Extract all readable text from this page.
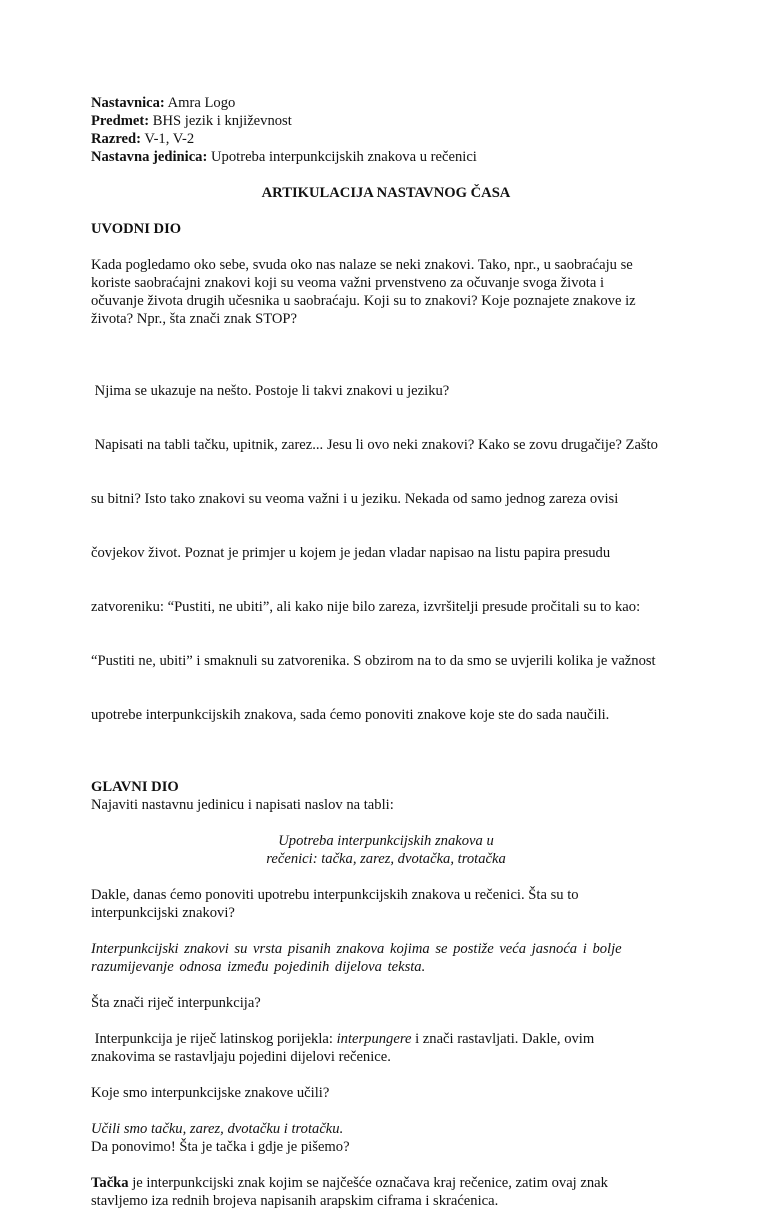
Nastavnica: Amra Logo

Predmet: BHS jezik i književnost

Razred: V-1, V-2

Nastavna jedinica: Upotreba interpunkcijskih znakova u rečenici

ARTIKULACIJA NASTAVNOG ČASA

UVODNI DIO

Kada pogledamo oko sebe, svuda oko nas nalaze se neki znakovi. Tako, npr., u saobraćaju se

koriste saobraćajni znakovi koji su veoma važni prvenstveno za očuvanje svoga života i

očuvanje života drugih učesnika u saobraćaju. Koji su to znakovi? Koje poznajete znakove iz

života? Npr., šta znači znak STOP?

Njima se ukazuje na nešto. Postoje li takvi znakovi u jeziku?

Napisati na tabli tačku, upitnik, zarez... Jesu li ovo neki znakovi? Kako se zovu drugačije? Zašto

su bitni? Isto tako znakovi su veoma važni i u jeziku. Nekada od samo jednog zareza ovisi

čovjekov život. Poznat je primjer u kojem je jedan vladar napisao na listu papira presudu

zatvoreniku: “Pustiti, ne ubiti”, ali kako nije bilo zareza, izvršitelji presude pročitali su to kao:

“Pustiti ne, ubiti” i smaknuli su zatvorenika. S obzirom na to da smo se uvjerili kolika je važnost

upotrebe interpunkcijskih znakova, sada ćemo ponoviti znakove koje ste do sada naučili.

GLAVNI DIO

Najaviti nastavnu jedinicu i napisati naslov na tabli:

Upotreba interpunkcijskih znakova u

rečenici: tačka, zarez, dvotačka, trotačka

Dakle, danas ćemo ponoviti upotrebu interpunkcijskih znakova u rečenici. Šta su to

interpunkcijski znakovi?

Interpunkcijski znakovi su vrsta pisanih znakova kojima se postiže veća jasnoća i bolje

razumijevanje odnosa između pojedinih dijelova teksta.

Šta znači riječ interpunkcija?

Interpunkcija je riječ latinskog porijekla: interpungere i znači rastavljati. Dakle, ovim

znakovima se rastavljaju pojedini dijelovi rečenice.

Koje smo interpunkcijske znakove učili?

Učili smo tačku, zarez, dvotačku i trotačku.

Da ponovimo! Šta je tačka i gdje je pišemo?

Tačka je interpunkcijski znak kojim se najčešće označava kraj rečenice, zatim ovaj znak

stavljemo iza rednih brojeva napisanih arapskim ciframa i skraćenica.
